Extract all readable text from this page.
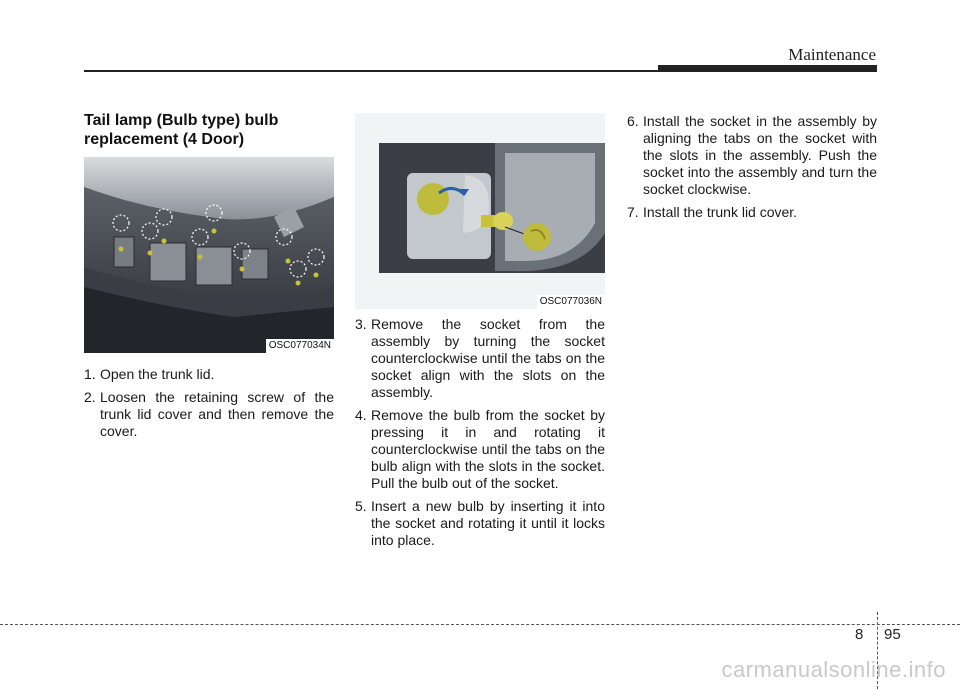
Maintenance
Tail lamp (Bulb type) bulb replacement (4 Door)
OSC077034N
OSC077036N
1. Open the trunk lid.
2. Loosen the retaining screw of the trunk lid cover and then remove the cover.
3. Remove the socket from the assembly by turning the socket counterclockwise until the tabs on the socket align with the slots on the assembly.
4. Remove the bulb from the socket by pressing it in and rotating it counterclockwise until the tabs on the bulb align with the slots in the socket. Pull the bulb out of the socket.
5. Insert a new bulb by inserting it into the socket and rotating it until it locks into place.
6. Install the socket in the assembly by aligning the tabs on the socket with the slots in the assembly. Push the socket into the assembly and turn the socket clockwise.
7. Install the trunk lid cover.
8 95
carmanualsonline.info
